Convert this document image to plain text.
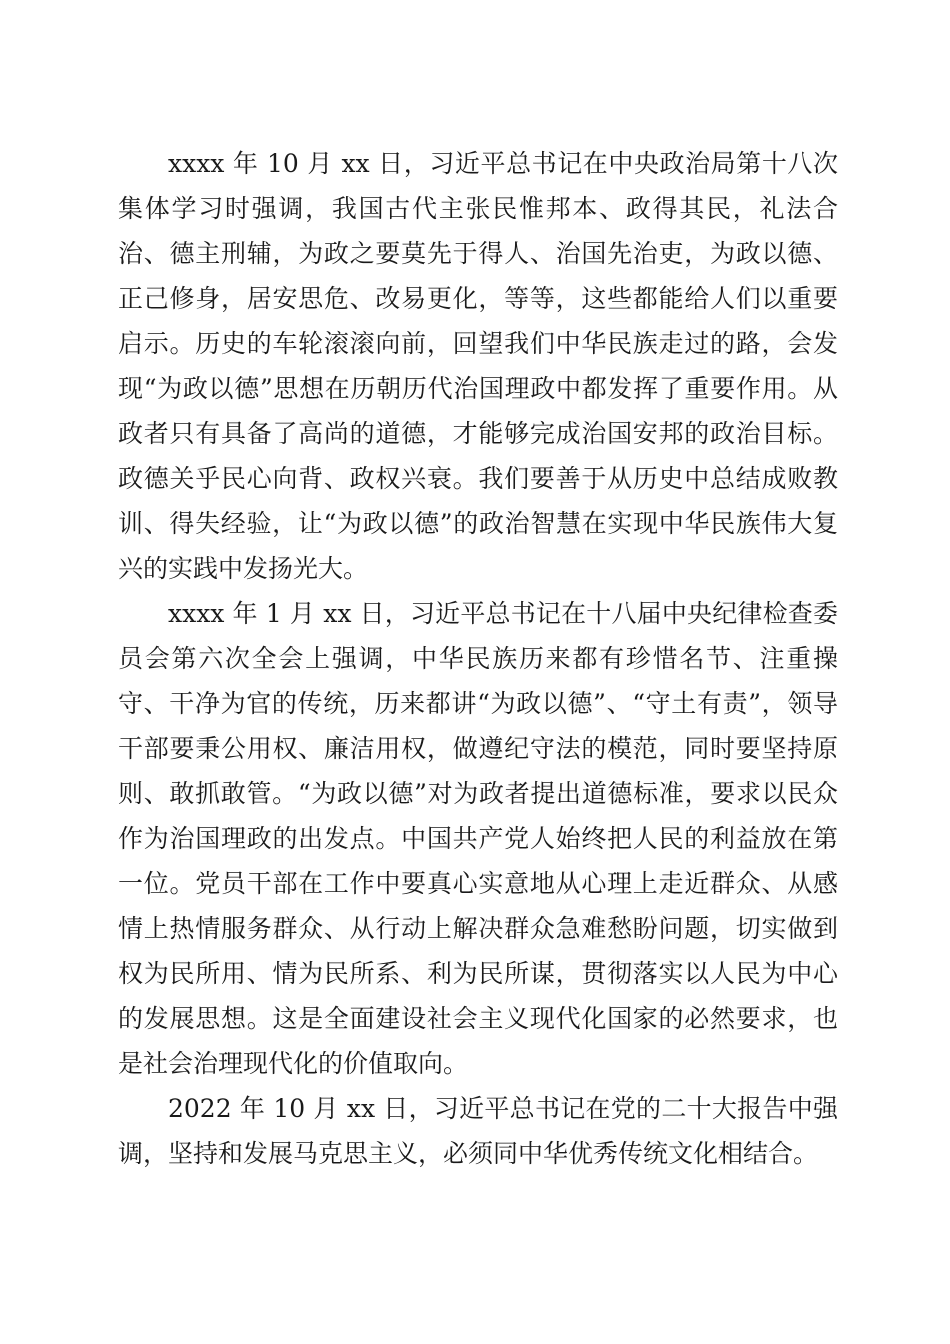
xxxx 年 10 月 xx 日，习近平总书记在中央政治局第十八次集体学习时强调，我国古代主张民惟邦本、政得其民，礼法合治、德主刑辅，为政之要莫先于得人、治国先治吏，为政以德、正己修身，居安思危、改易更化，等等，这些都能给人们以重要启示。历史的车轮滚滚向前，回望我们中华民族走过的路，会发现“为政以德”思想在历朝历代治国理政中都发挥了重要作用。从政者只有具备了高尚的道德，才能够完成治国安邦的政治目标。政德关乎民心向背、政权兴衰。我们要善于从历史中总结成败教训、得失经验，让“为政以德”的政治智慧在实现中华民族伟大复兴的实践中发扬光大。

xxxx 年 1 月 xx 日，习近平总书记在十八届中央纪律检查委员会第六次全会上强调，中华民族历来都有珍惜名节、注重操守、干净为官的传统，历来都讲“为政以德”、“守土有责”，领导干部要秉公用权、廉洁用权，做遵纪守法的模范，同时要坚持原则、敢抓敢管。“为政以德”对为政者提出道德标准，要求以民众作为治国理政的出发点。中国共产党人始终把人民的利益放在第一位。党员干部在工作中要真心实意地从心理上走近群众、从感情上热情服务群众、从行动上解决群众急难愁盼问题，切实做到权为民所用、情为民所系、利为民所谋，贯彻落实以人民为中心的发展思想。这是全面建设社会主义现代化国家的必然要求，也是社会治理现代化的价值取向。

2022 年 10 月 xx 日，习近平总书记在党的二十大报告中强调，坚持和发展马克思主义，必须同中华优秀传统文化相结合。
